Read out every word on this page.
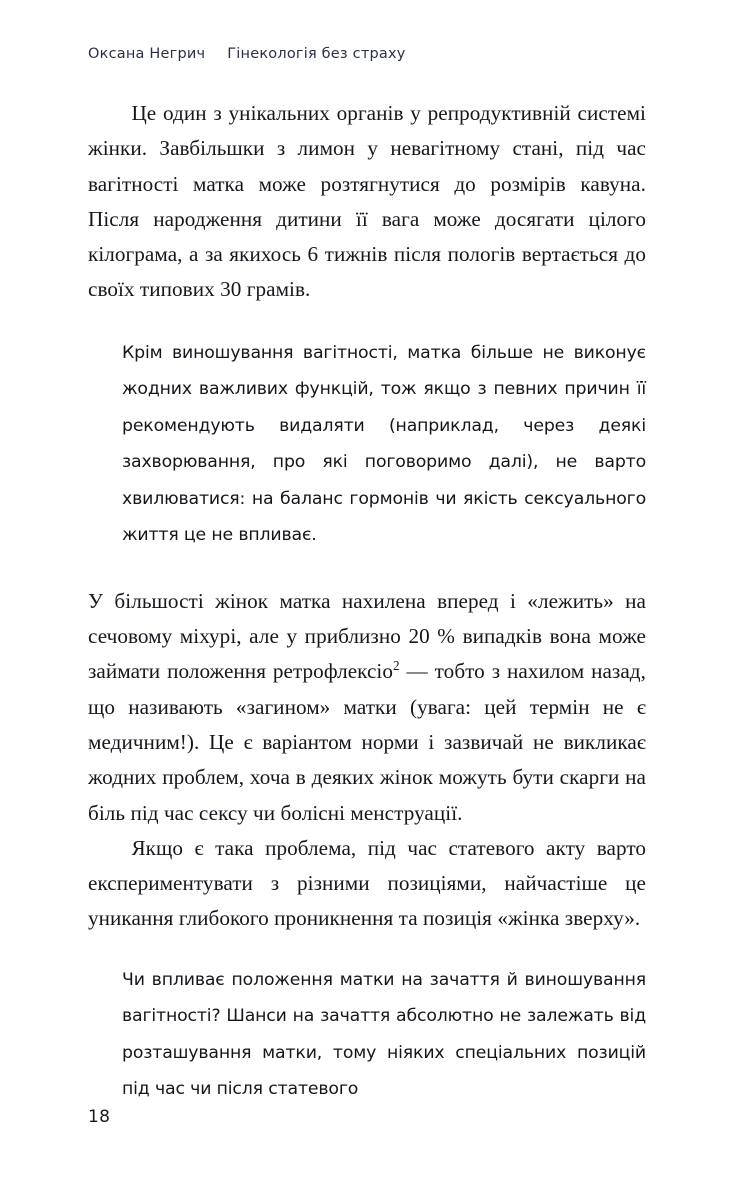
Оксана Негрич Гінекологія без страху

Це один з унікальних органів у репродуктивній системі жінки. Завбільшки з лимон у невагітному стані, під час вагітності матка може розтягнутися до розмірів кавуна. Після народження дитини її вага може досягати цілого кілограма, а за якихось 6 тижнів після пологів вертається до своїх типових 30 грамів.

Крім виношування вагітності, матка більше не виконує жодних важливих функцій, тож якщо з певних причин її рекомендують видаляти (наприклад, через деякі захворювання, про які поговоримо далі), не варто хвилюватися: на баланс гормонів чи якість сексуального життя це не впливає.

У більшості жінок матка нахилена вперед і «лежить» на сечовому міхурі, але у приблизно 20 % випадків вона може займати положення ретрофлексіо$^2$ — тобто з нахилом назад, що називають «загином» матки (увага: цей термін не є медичним!). Це є варіантом норми і зазвичай не викликає жодних проблем, хоча в деяких жінок можуть бути скарги на біль під час сексу чи болісні менструації.

Якщо є така проблема, під час статевого акту варто експериментувати з різними позиціями, найчастіше це уникання глибокого проникнення та позиція «жінка зверху».

Чи впливає положення матки на зачаття й виношування вагітності? Шанси на зачаття абсолютно не залежать від розташування матки, тому ніяких спеціальних позицій під час чи після статевого

18
